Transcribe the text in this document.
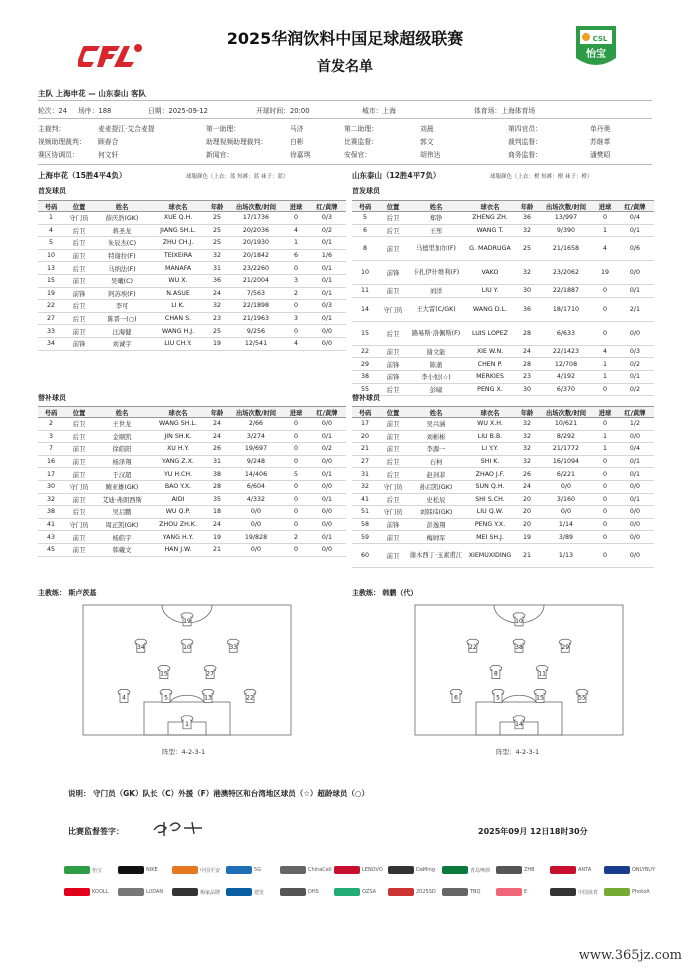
CSL
怡宝
2025华润饮料中国足球超级联赛
首发名单
主队 上海申花 — 山东泰山 客队
轮次：24 场序：188	日期：2025-09-12	开球时间：20:00	城市：上海	体育场：上海体育场
主裁判：	麦麦提江·艾合麦提	第一助理：	马济	第二助理：	刘晨	第四官员：	单丹奥
视频助理裁判： 顾春合	助理视频助理裁判：	白彬	比赛监督：	郭文	裁判监督：	苏继革
赛区协调员：	何文轩	新闻官：	徐嘉琪	安保官：	胡伟达	商务监督：	潘樊昭
上海申花（15胜4平4负）	球服颜色（上衣：蓝 短裤：蓝 袜子：蓝）	山东泰山（12胜4平7负）	球服颜色（上衣：橙 短裤：橙 袜子：橙）
首发球员	首发球员
号码	位置	姓名	球衣名	年龄	出场次数/时间	进球	红/黄牌
1	守门员	薛庆浩(GK)	XUE Q.H.	25	17/1736	0	0/3
4	后卫	蒋圣龙	JIANG SH.L.	25	20/2036	4	0/2
5	后卫	朱辰杰(C)	ZHU CH.J.	25	20/1930	1	0/1
10	前卫	特谢拉(F)	TEIXEIRA	32	20/1842	6	1/6
13	后卫	马纳法(F)	MANAFA	31	23/2260	0	0/1
15	前卫	吴曦(C)	WU X.	36	21/2004	3	0/1
19	前锋	阿苏埃(F)	N.ASUE	24	7/563	2	0/1
22	后卫	李可	LI K.	32	22/1898	0	0/3
27	后卫	陈晋一(○)	CHAN S.	23	21/1963	3	0/1
33	前卫	汪海健	WANG H.J.	25	9/256	0	0/0
34	前锋	刘诚宇	LIU CH.Y.	19	12/541	4	0/0
号码	位置	姓名	球衣名	年龄	出场次数/时间	进球	红/黄牌
5	后卫	郑铮	ZHENG ZH.	36	13/997	0	0/4
6	后卫	王彤	WANG T.	32	9/390	1	0/1
8	前卫	马德里加尔(F)	G. MADRUGA	25	21/1658	4	0/6
10	前锋	卡扎伊什维利(F)	VAKO	32	23/2062	19	0/0
11	前卫	刘洋	LIU Y.	30	22/1887	0	0/1
14	守门员	王大雷(C/GK)	WANG D.L.	36	18/1710	0	2/1
15	后卫	路易斯·洛佩斯(F)	LUIS LOPEZ	28	6/633	0	0/0
22	前卫	谢文能	XIE W.N.	24	22/1423	4	0/3
29	前锋	陈蒲	CHEN P.	28	12/708	1	0/2
38	前锋	李小恒(☆)	MERKIES	23	4/192	1	0/1
55	后卫	彭啸	PENG X.	30	6/370	0	0/2
替补球员	替补球员
号码	位置	姓名	球衣名	年龄	出场次数/时间	进球	红/黄牌
2	后卫	王世龙	WANG SH.L.	24	2/66	0	0/0
3	后卫	金顺凯	JIN SH.K.	24	3/274	0	0/1
7	前卫	徐皓阳	XU H.Y.	26	19/697	0	0/2
16	前卫	杨泽翔	YANG Z.X.	31	9/248	0	0/0
17	前卫	于汉超	YU H.CH.	38	14/406	5	0/1
30	守门员	鲍亚雄(GK)	BAO Y.X.	28	6/604	0	0/0
32	前卫	艾迪·弗朗西斯	AIDI	35	4/332	0	0/1
38	后卫	吴启鹏	WU Q.P.	18	0/0	0	0/0
41	守门员	周正凯(GK)	ZHOU ZH.K.	24	0/0	0	0/0
43	前卫	杨皓宇	YANG H.Y.	19	19/828	2	0/1
45	前卫	韩戴文	HAN J.W.	21	0/0	0	0/0
号码	位置	姓名	球衣名	年龄	出场次数/时间	进球	红/黄牌
17	前卫	吴兴涵	WU X.H.	32	10/621	0	1/2
20	前卫	刘彬彬	LIU B.B.	32	8/292	1	0/0
21	前卫	李源一	LI Y.Y.	32	21/1772	1	0/4
27	后卫	石柯	SHI K.	32	16/1094	0	0/1
31	后卫	赵剑菲	ZHAO J.F.	26	6/221	0	0/1
32	守门员	孙启凯(GK)	SUN Q.H.	24	0/0	0	0/0
41	后卫	史松辰	SHI S.CH.	20	3/160	0	0/1
51	守门员	刘韩玮(GK)	LIU Q.W.	20	0/0	0	0/0
58	前锋	彭逸翔	PENG Y.X.	20	1/14	0	0/0
59	前卫	梅帅军	MEI SH.J.	19	3/89	0	0/0
60	前卫	谢木西丁·玉素甫江	XIEMUXIDING	21	1/13	0	0/0
主教练： 斯卢茨基	主教练： 韩鹏（代）
19
34	10	33
15	27
4	5	13	22
1
10
22	38	29
8	11
6	5	15	55
14
阵型：4-2-3-1	阵型：4-2-3-1
说明： 守门员（GK）队长（C）外援（F）港澳特区和台湾地区球员（☆）超龄球员（○）
比赛监督签字：	2025年09月 12日18时30分
怡宝	NIKE	中国平安	5G	ChinaCell	LENOVO	DaMing	青岛啤酒	ZHB	ANTA	ONLYBUY
KOOLL	LUDAN	梅家品牌	建发	DHS	OZSA	2025SD	TBQ	E·	中国体育	PhotoA
www.365jz.com
